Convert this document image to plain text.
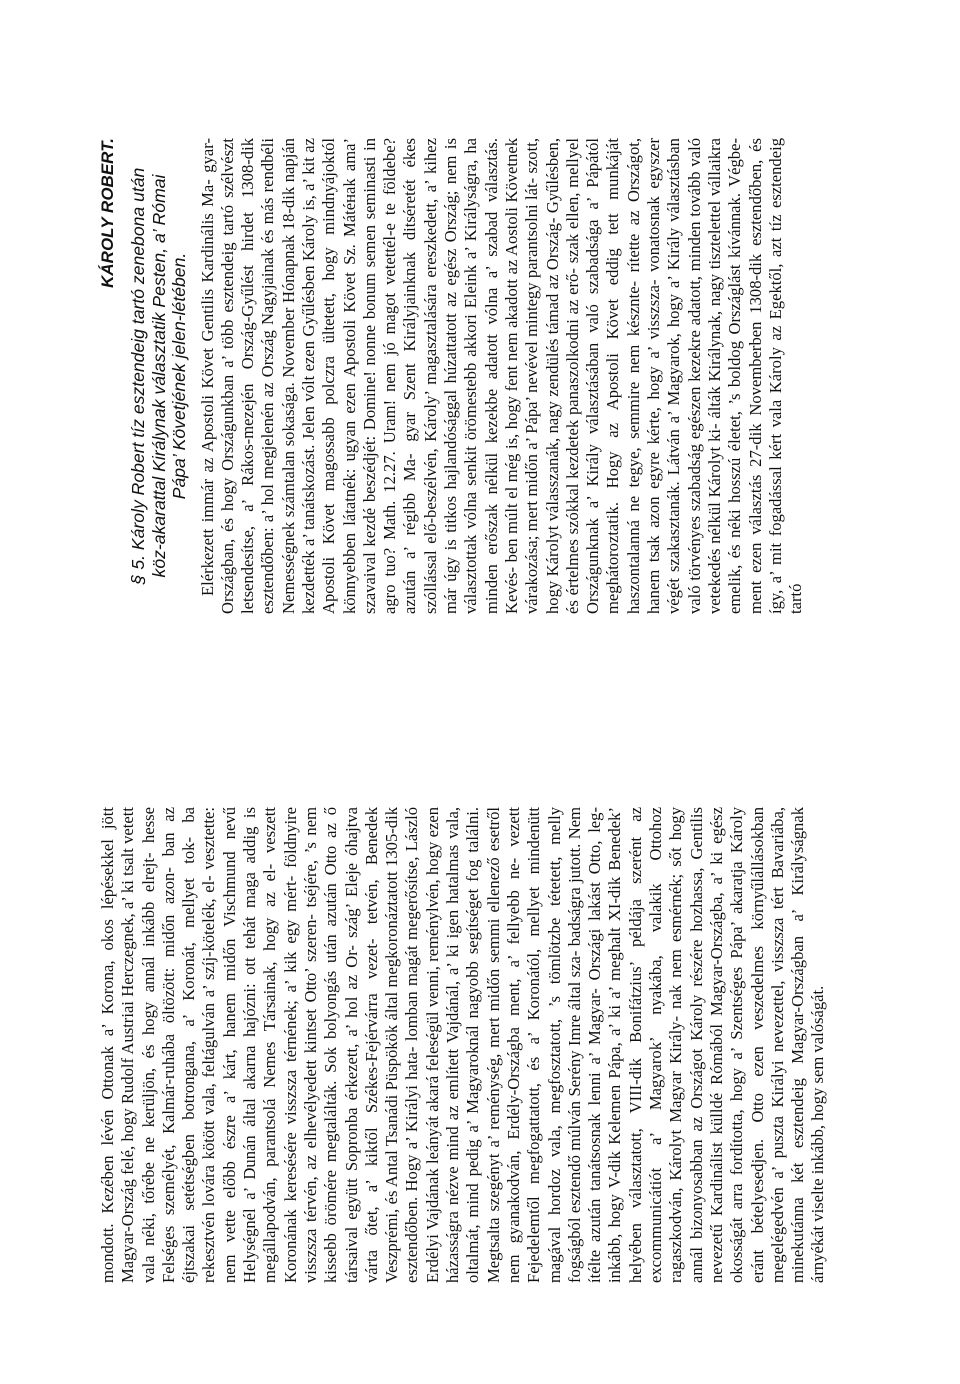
mondott. Kezében lévén Ottonak a’ Korona, okos lépésekkel jött Magyar-Ország felé, hogy Rudolf Austriai Herczegnek, a’ ki tsalt vetett vala néki, tőrébe ne kerüljön, és hogy annál inkább elrejt- hesse Felséges személyét, Kalmár-ruhába öltözött: midőn azon- ban az éjtszakai setétségben botrongana, a’ Koronát, mellyet tok- ba rekesztvén lovára kötött vala, feltágulván a’ szíj-kötelék, el- vesztette: nem vette előbb észre a’ kárt, hanem midőn Vischmund nevű Helységnél a’ Dunán által akarna hajózni: ott tehát maga addig is megállapodván, parantsolá Nemes Társainak, hogy az el- veszett Koronának keresésére visszsza térnének; a’ kik egy mért- földnyire visszsza térvén, az elhevélyedett kintset Otto’ szeren- tséjére, ’s nem kissebb örömére megtalálták. Sok bolyongás után azután Otto az ő társaival együtt Sopronba érkezett, a’ hol az Or- szág’ Eleje óhajtva várta őtet, a’ kiktől Székes-Fejérvárra vezet- tetvén, Benedek Veszprémi, és Antal Tsanádi Püspökök által megkoronáztatott 1305-dik esztendőben. Hogy a’ Királyi hata- lomban magát megerősítse, László Erdélyi Vajdának leányát akará feleségül venni, reménylvén, hogy ezen házasságra nézve mind az említett Vajdánál, a’ ki igen hatalmas vala, oltalmát, mind pedig a’ Magyaroknál nagyobb segítséget fog találni. Megtsalta szegényt a’ reménység, mert midőn semmi ellenező esetről nem gyanakodván, Erdély-Országba ment, a’ fellyebb ne- vezett Fejedelemtől megfogattatott, és a’ Koronától, mellyet mindenütt magával hordoz vala, megfosztatott, ’s tömlötzbe tétetett, melly fogságból esztendő múlván Serény Imre által sza- badságra jutott. Nem ítélte azután tanátsosnak lenni a’ Magyar- Országi lakást Otto, leg-inkább, hogy V-dik Kelemen Pápa, a’ ki a’ meghalt XI-dik Benedek’ helyében választatott, VIII-dik Bonifátzius’ példája szerént az excommunicátiót a’ Magyarok’ nyakába, valakik Ottohoz ragaszkodván, Károlyt Magyar Király- nak nem esmérnék; sőt hogy annál bizonyosabban az Országot Károly részére hozhassa, Gentilis nevezetű Kardinálist külldé Rómából Magyar-Országba, a’ ki egész okosságát arra fordította, hogy a’ Szentséges Pápa’ akaratja Károly eránt bételyesedjen. Otto ezen veszedelmes környűlállásokban megelégedvén a’ puszta Királyi nevezettel, visszsza tért Bavariába, minekutánna két esztendeig Magyar-Országban a’ Királyságnak árnyékát viselte inkább, hogy sem valóságát.

KÁROLY ROBERT. § 5. Károly Robert tíz esztendeig tartó zenebona után köz-akarattal Királynak választatik Pesten, a’ Római Pápa’ Követjének jelen-létében. Elérkezett immár az Apostoli Követ Gentilis Kardinális Ma- gyar-Országban, és hogy Országunkban a’ több esztendeig tartó szélvészt letsendesítse, a’ Rákos-mezején Ország-Gyűlést hirdet 1308-dik esztendőben: a’ hol megjelenén az Ország Nagyjainak és más rendbéli Nemességnek számtalan sokasága. November Hónapnak 18-dik napján kezdették a’ tanátskozást. Jelen vólt ezen Gyűlésben Károly is, a’ kit az Apostoli Követ magossabb polczra ültetett, hogy mindnyájoktól könnyebben látatnék: ugyan ezen Apostoli Követ Sz. Mátéнak ama’ szavaival kezdé beszédjét: Domine! nonne bonum semen seminasti in agro tuo? Math. 12.27. Uram! nem jó magot vetettél-e te földebe? azután a’ régibb Ma- gyar Szent Királyjainknak ditséretét ékes szóllással elő-beszélvén, Károly’ magasztalására ereszkedett, a’ kihez már úgy is titkos hajlandósággal húzattatott az egész Ország; nem is választottak vólna senkit örömestebb akkori Eleink a’ Királyságra, ha minden erőszak nélkül kezekbe adatott vólna a’ szabad választás. Kevés- ben múlt el még is, hogy fent nem akadott az Aostoli Követnek várakozása; mert midőn a’ Pápa’ nevével mintegy parantsolni lát- szott, hogy Károlyt válasszanák, nagy zendülés támad az Ország- Gyűlésben, és értelmes szókkal kezdetek panaszolkodni az erő- szak ellen, mellyel Országunknak a’ Király választásában való szabadsága a’ Pápától meghátoroztatik. Hogy az Apostoli Követ eddig tett munkáját haszontalanná ne tegye, semmire nem késznte- rítette az Országot, hanem tsak azon egyre kérte, hogy a’ visszsza- vonatosnak egyszer végét szakasztanák. Látván a’ Magyarok, hogy a’ Király választásban való törvényes szabadság egészen kezekre adatott, minden tovább való vetekedés nélkül Károlyt ki- álták Királynak, nagy tisztelettel vállaikra emelik, és néki hosszú életet, ’s boldog Országlást kívánnak. Végbe-ment ezen választás 27-dik Novemberben 1308-dik esztendőben, és így, a’ mit fogadással kért vala Károly az Egektől, azt tíz esztendeig tartó
